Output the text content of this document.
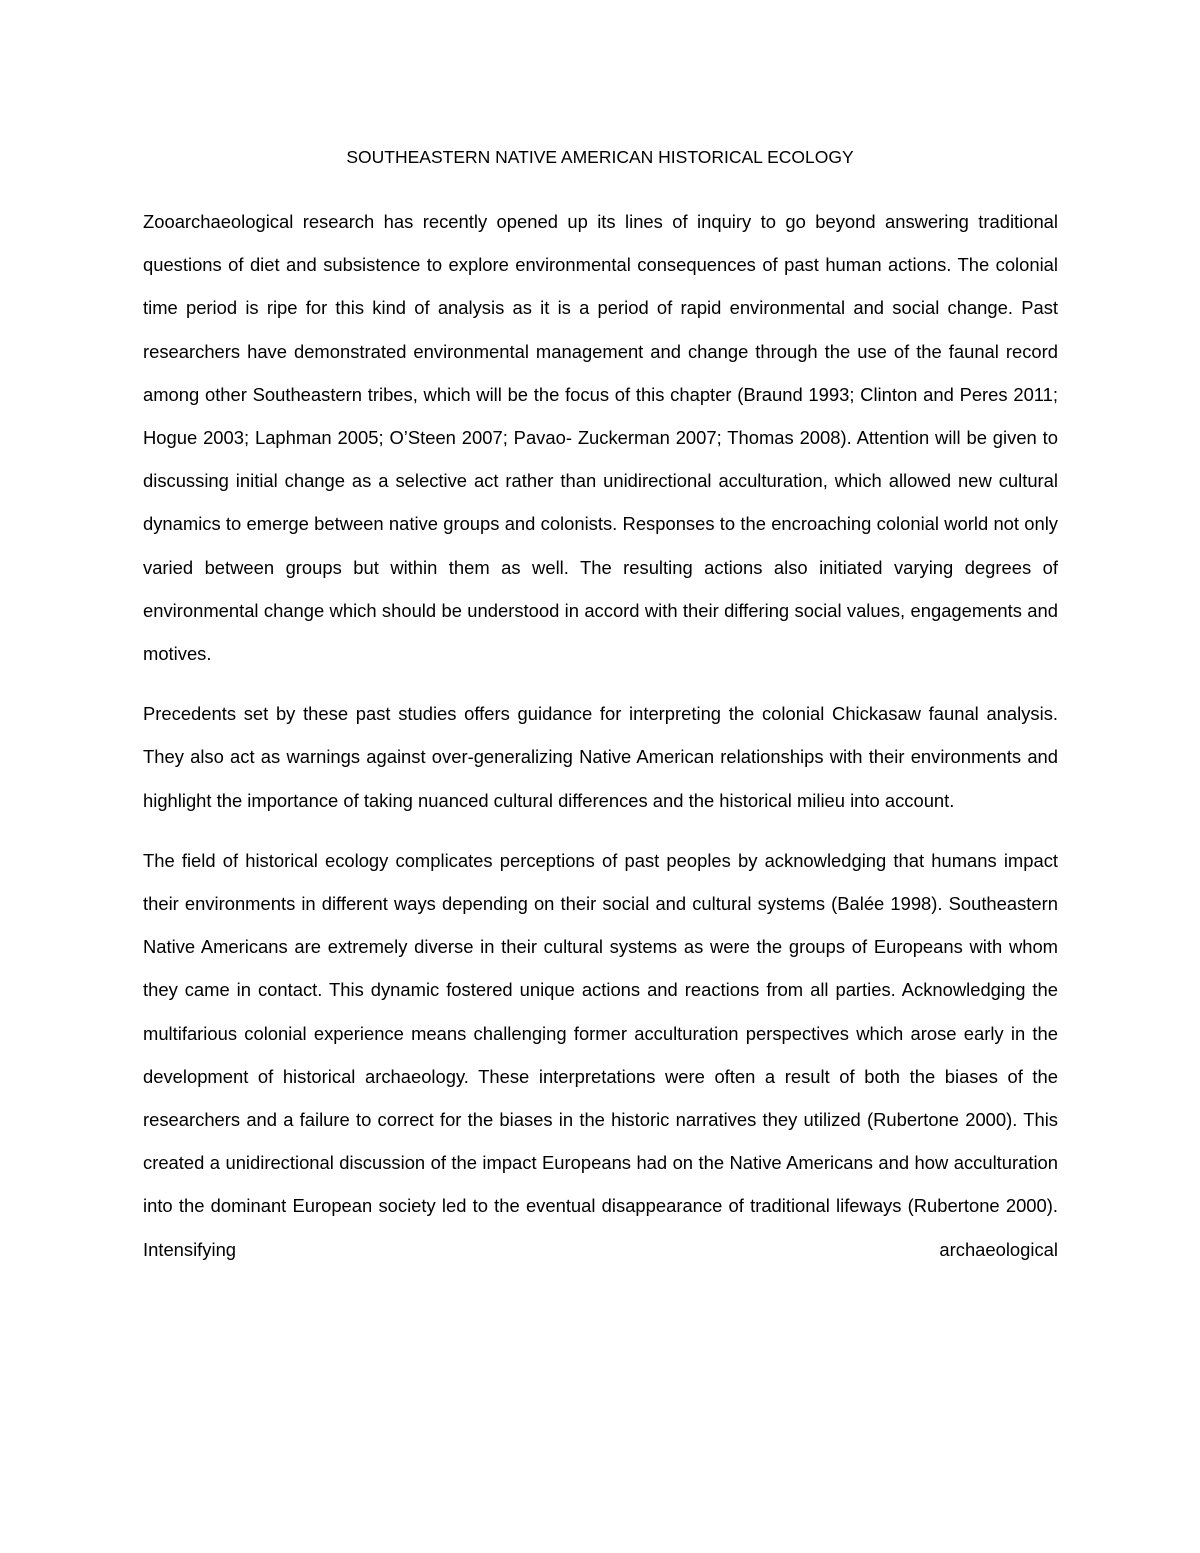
SOUTHEASTERN NATIVE AMERICAN HISTORICAL ECOLOGY

Zooarchaeological research has recently opened up its lines of inquiry to go beyond answering traditional questions of diet and subsistence to explore environmental consequences of past human actions. The colonial time period is ripe for this kind of analysis as it is a period of rapid environmental and social change. Past researchers have demonstrated environmental management and change through the use of the faunal record among other Southeastern tribes, which will be the focus of this chapter (Braund 1993; Clinton and Peres 2011; Hogue 2003; Laphman 2005; O’Steen 2007; Pavao- Zuckerman 2007; Thomas 2008). Attention will be given to discussing initial change as a selective act rather than unidirectional acculturation, which allowed new cultural dynamics to emerge between native groups and colonists. Responses to the encroaching colonial world not only varied between groups but within them as well. The resulting actions also initiated varying degrees of environmental change which should be understood in accord with their differing social values, engagements and motives.

Precedents set by these past studies offers guidance for interpreting the colonial Chickasaw faunal analysis. They also act as warnings against over-generalizing Native American relationships with their environments and highlight the importance of taking nuanced cultural differences and the historical milieu into account.

The field of historical ecology complicates perceptions of past peoples by acknowledging that humans impact their environments in different ways depending on their social and cultural systems (Balée 1998). Southeastern Native Americans are extremely diverse in their cultural systems as were the groups of Europeans with whom they came in contact. This dynamic fostered unique actions and reactions from all parties. Acknowledging the multifarious colonial experience means challenging former acculturation perspectives which arose early in the development of historical archaeology. These interpretations were often a result of both the biases of the researchers and a failure to correct for the biases in the historic narratives they utilized (Rubertone 2000). This created a unidirectional discussion of the impact Europeans had on the Native Americans and how acculturation into the dominant European society led to the eventual disappearance of traditional lifeways (Rubertone 2000). Intensifying archaeological
